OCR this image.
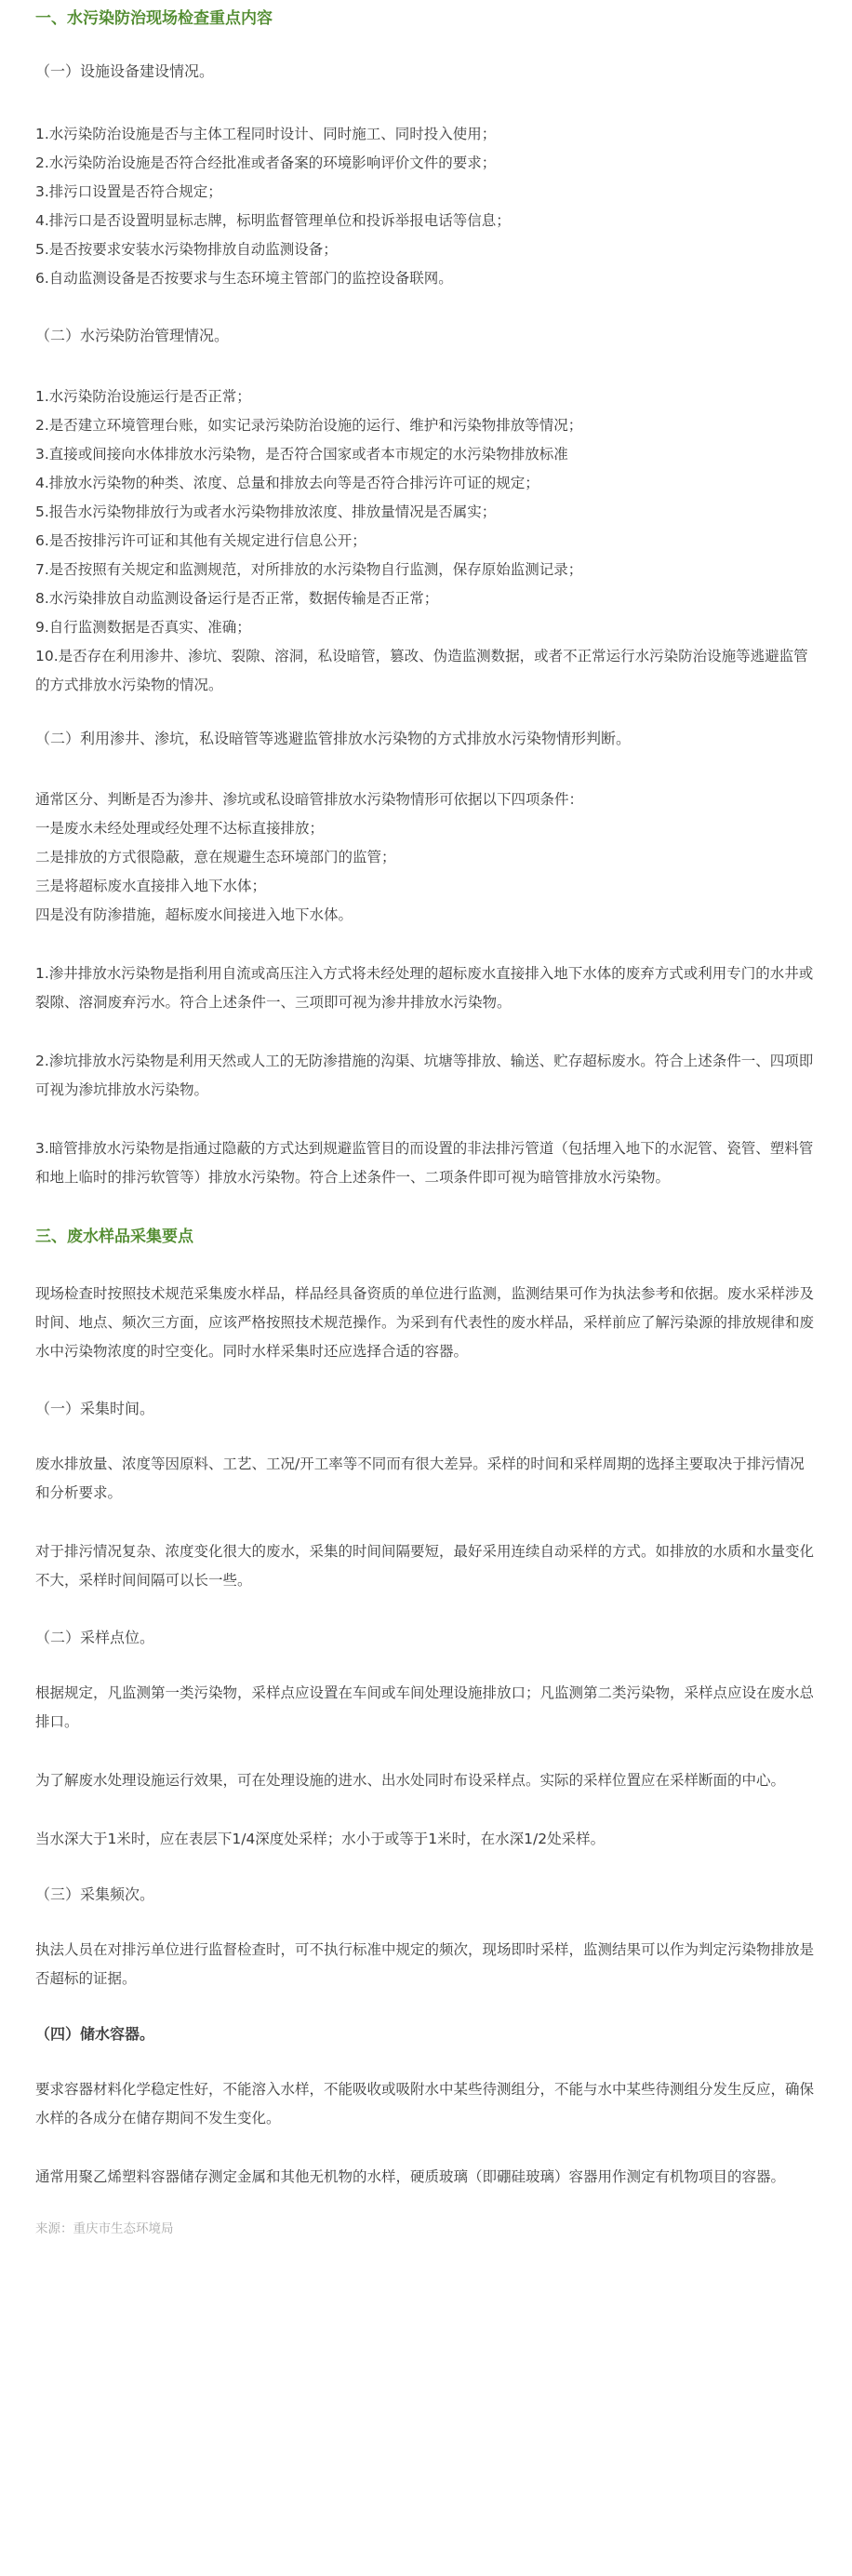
一、水污染防治现场检查重点内容

（一）设施设备建设情况。

1.水污染防治设施是否与主体工程同时设计、同时施工、同时投入使用；
2.水污染防治设施是否符合经批准或者备案的环境影响评价文件的要求；
3.排污口设置是否符合规定；
4.排污口是否设置明显标志牌，标明监督管理单位和投诉举报电话等信息；
5.是否按要求安装水污染物排放自动监测设备；
6.自动监测设备是否按要求与生态环境主管部门的监控设备联网。

（二）水污染防治管理情况。

1.水污染防治设施运行是否正常；
2.是否建立环境管理台账，如实记录污染防治设施的运行、维护和污染物排放等情况；
3.直接或间接向水体排放水污染物，是否符合国家或者本市规定的水污染物排放标准
4.排放水污染物的种类、浓度、总量和排放去向等是否符合排污许可证的规定；
5.报告水污染物排放行为或者水污染物排放浓度、排放量情况是否属实；
6.是否按排污许可证和其他有关规定进行信息公开；
7.是否按照有关规定和监测规范，对所排放的水污染物自行监测，保存原始监测记录；
8.水污染排放自动监测设备运行是否正常，数据传输是否正常；
9.自行监测数据是否真实、准确；
10.是否存在利用渗井、渗坑、裂隙、溶洞，私设暗管，篡改、伪造监测数据，或者不正常运行水污染防治设施等逃避监管的方式排放水污染物的情况。

（二）利用渗井、渗坑，私设暗管等逃避监管排放水污染物的方式排放水污染物情形判断。

通常区分、判断是否为渗井、渗坑或私设暗管排放水污染物情形可依据以下四项条件：

一是废水未经处理或经处理不达标直接排放；
二是排放的方式很隐蔽，意在规避生态环境部门的监管；
三是将超标废水直接排入地下水体；
四是没有防渗措施，超标废水间接进入地下水体。

1.渗井排放水污染物是指利用自流或高压注入方式将未经处理的超标废水直接排入地下水体的废弃方式或利用专门的水井或裂隙、溶洞废弃污水。符合上述条件一、三项即可视为渗井排放水污染物。

2.渗坑排放水污染物是利用天然或人工的无防渗措施的沟渠、坑塘等排放、输送、贮存超标废水。符合上述条件一、四项即可视为渗坑排放水污染物。

3.暗管排放水污染物是指通过隐蔽的方式达到规避监管目的而设置的非法排污管道（包括埋入地下的水泥管、瓷管、塑料管和地上临时的排污软管等）排放水污染物。符合上述条件一、二项条件即可视为暗管排放水污染物。

三、废水样品采集要点

现场检查时按照技术规范采集废水样品，样品经具备资质的单位进行监测，监测结果可作为执法参考和依据。废水采样涉及时间、地点、频次三方面，应该严格按照技术规范操作。为采到有代表性的废水样品，采样前应了解污染源的排放规律和废水中污染物浓度的时空变化。同时水样采集时还应选择合适的容器。

（一）采集时间。

废水排放量、浓度等因原料、工艺、工况/开工率等不同而有很大差异。采样的时间和采样周期的选择主要取决于排污情况和分析要求。

对于排污情况复杂、浓度变化很大的废水，采集的时间间隔要短，最好采用连续自动采样的方式。如排放的水质和水量变化不大，采样时间间隔可以长一些。

（二）采样点位。

根据规定，凡监测第一类污染物，采样点应设置在车间或车间处理设施排放口；凡监测第二类污染物，采样点应设在废水总排口。

为了解废水处理设施运行效果，可在处理设施的进水、出水处同时布设采样点。实际的采样位置应在采样断面的中心。

当水深大于1米时，应在表层下1/4深度处采样；水小于或等于1米时，在水深1/2处采样。

（三）采集频次。

执法人员在对排污单位进行监督检查时，可不执行标准中规定的频次，现场即时采样，监测结果可以作为判定污染物排放是否超标的证据。

（四）储水容器。

要求容器材料化学稳定性好，不能溶入水样，不能吸收或吸附水中某些待测组分，不能与水中某些待测组分发生反应，确保水样的各成分在储存期间不发生变化。

通常用聚乙烯塑料容器储存测定金属和其他无机物的水样，硬质玻璃（即硼硅玻璃）容器用作测定有机物项目的容器。

来源：重庆市生态环境局
